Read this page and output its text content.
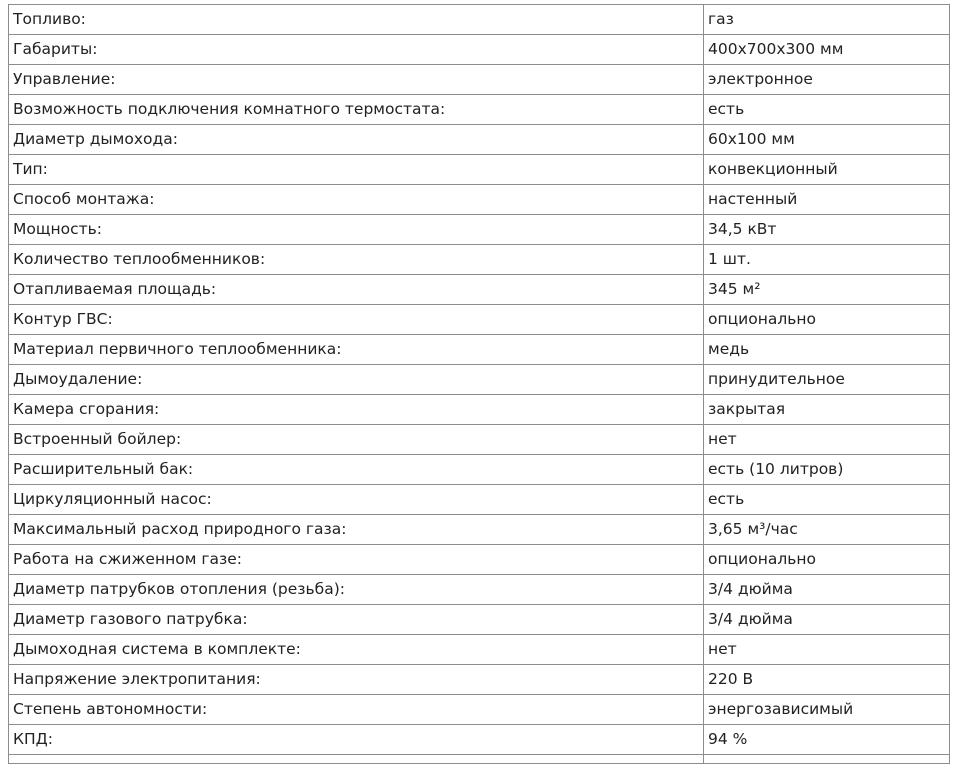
Топливо:	газ
Габариты:	400х700х300 мм
Управление:	электронное
Возможность подключения комнатного термостата:	есть
Диаметр дымохода:	60х100 мм
Тип:	конвекционный
Способ монтажа:	настенный
Мощность:	34,5 кВт
Количество теплообменников:	1 шт.
Отапливаемая площадь:	345 м²
Контур ГВС:	опционально
Материал первичного теплообменника:	медь
Дымоудаление:	принудительное
Камера сгорания:	закрытая
Встроенный бойлер:	нет
Расширительный бак:	есть (10 литров)
Циркуляционный насос:	есть
Максимальный расход природного газа:	3,65 м³/час
Работа на сжиженном газе:	опционально
Диаметр патрубков отопления (резьба):	3/4 дюйма
Диаметр газового патрубка:	3/4 дюйма
Дымоходная система в комплекте:	нет
Напряжение электропитания:	220 В
Степень автономности:	энергозависимый
КПД:	94 %
